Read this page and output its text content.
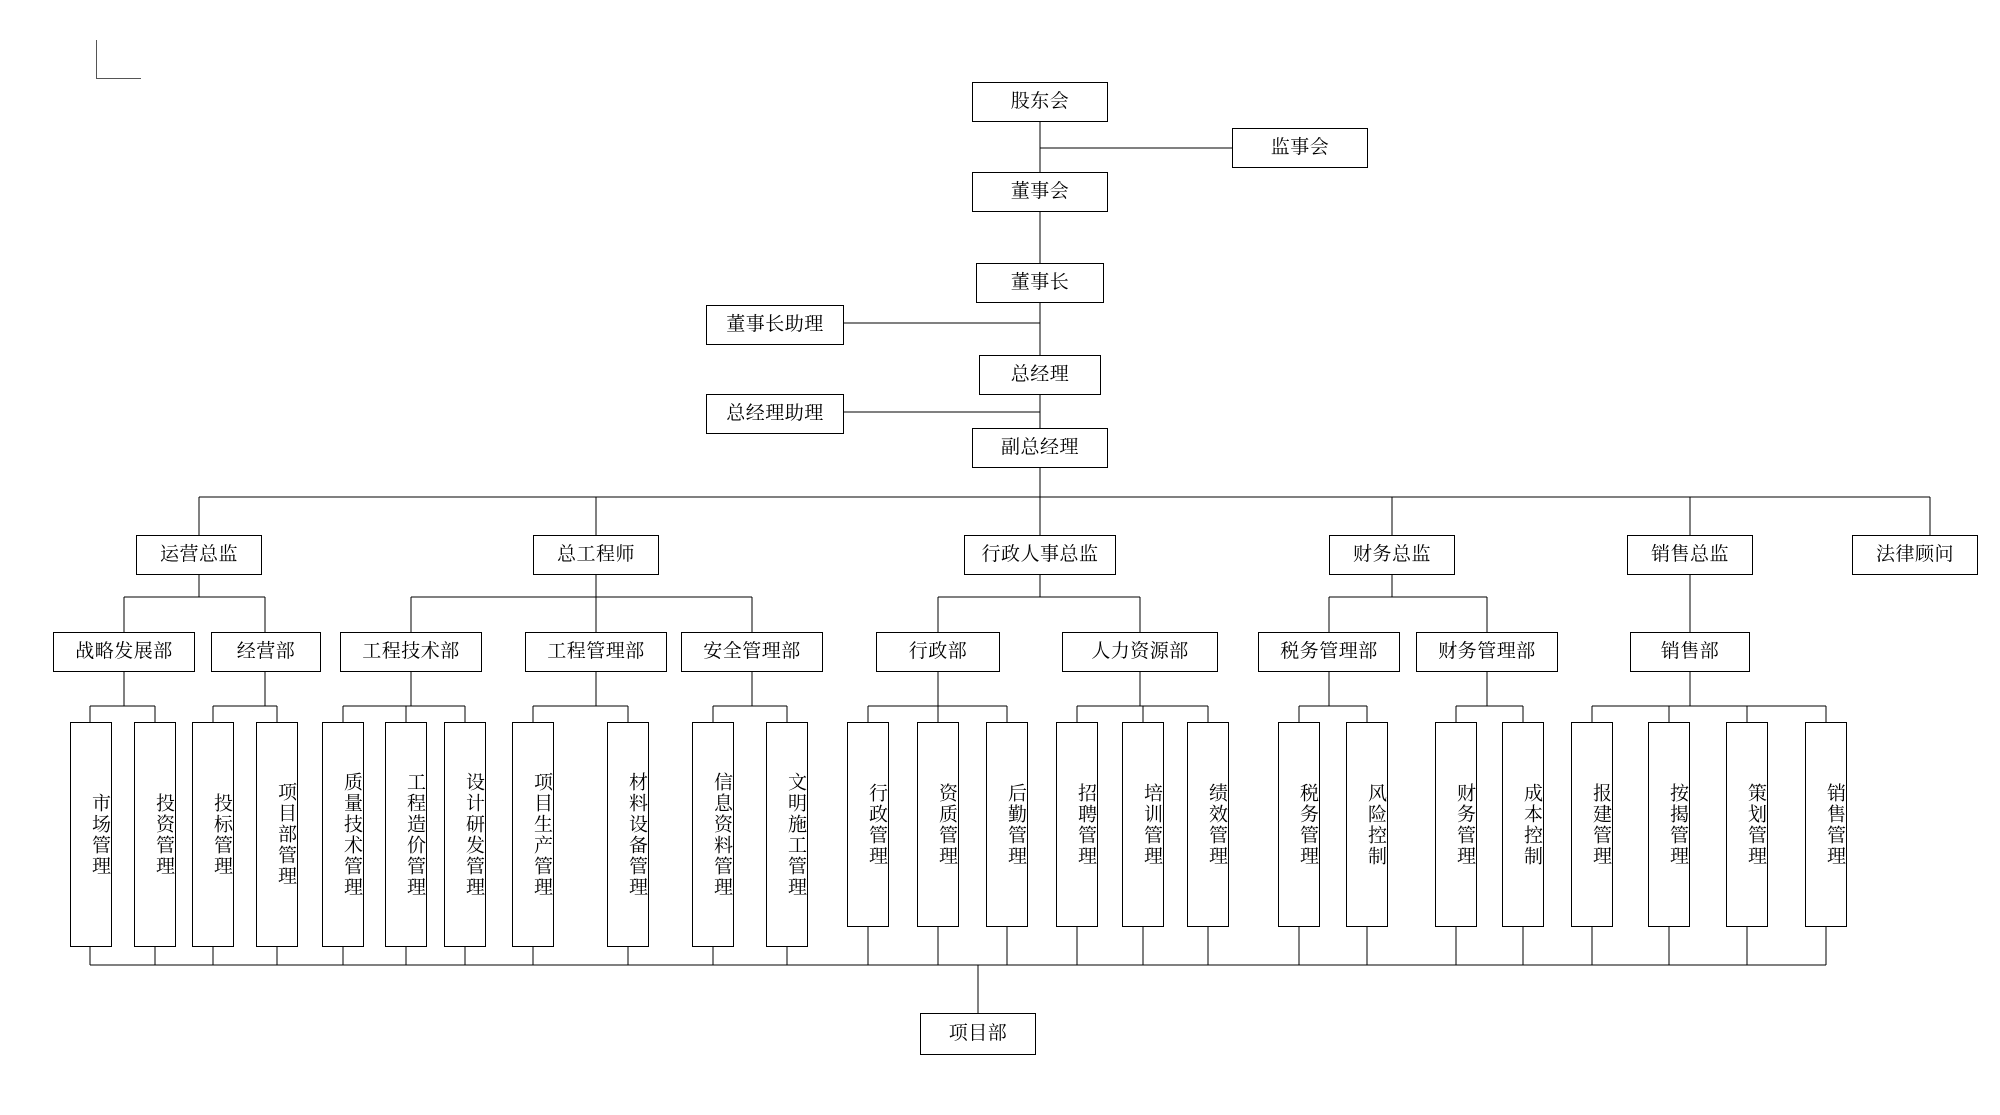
股东会
监事会
董事会
董事长
董事长助理
总经理
总经理助理
副总经理
运营总监	总工程师	行政人事总监	财务总监	销售总监	法律顾问
战略发展部	经营部	工程技术部	工程管理部	安全管理部	行政部	人力资源部	税务管理部	财务管理部	销售部
市场管理 投资管理 投标管理 项目部管理 质量技术管理 工程造价管理 设计研发管理 项目生产管理	材料设备管理	信息资料管理	文明施工管理	行政管理	资质管理	后勤管理	招聘管理 培训管理 绩效管理	税务管理 风险控制	财务管理 成本控制	报建管理	按揭管理	策划管理	销售管理
项目部
